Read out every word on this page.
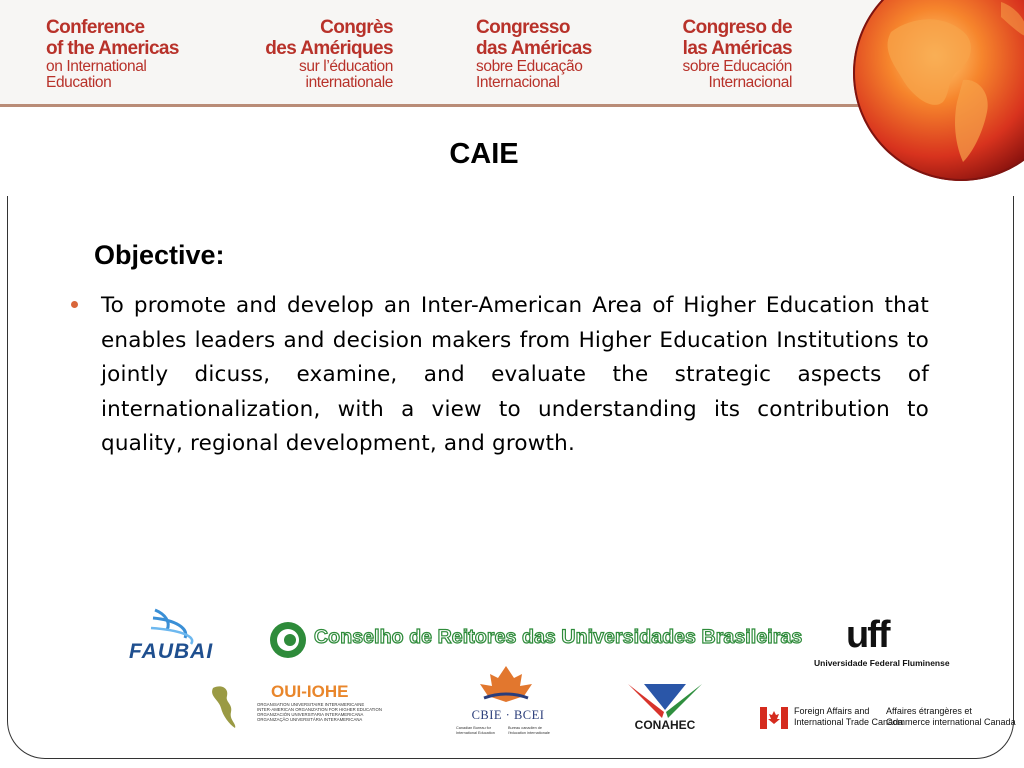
Conference
of the Americas
on International
Education
Congrès
des Amériques
sur l’éducation
internationale
Congresso
das Américas
sobre Educação
Internacional
Congreso de
las Américas
sobre Educación
Internacional
CAIE
Objective:
To promote and develop an Inter-American Area of Higher Education that enables leaders and decision makers from Higher Education Institutions to jointly dicuss, examine, and evaluate the strategic aspects of internationalization, with a view to understanding its contribution to quality, regional development, and growth.
FAUBAI
Conselho de Reitores das Universidades Brasileiras uff
Universidade Federal Fluminense
OUI-IOHE
ORGANISATION UNIVERSITAIRE INTERAMERICAINE
INTER-AMERICAN ORGANIZATION FOR HIGHER EDUCATION
ORGANIZACIÓN UNIVERSITARIA INTERAMERICANA
ORGANIZAÇÃO UNIVERSITÁRIA INTERAMERICANA	CBIE · BCEI
Canadian Bureau for International Education
Bureau canadien de l'éducation internationale
CONAHEC
Foreign Affairs and
International Trade Canada
Affaires étrangères et
Commerce international Canada
